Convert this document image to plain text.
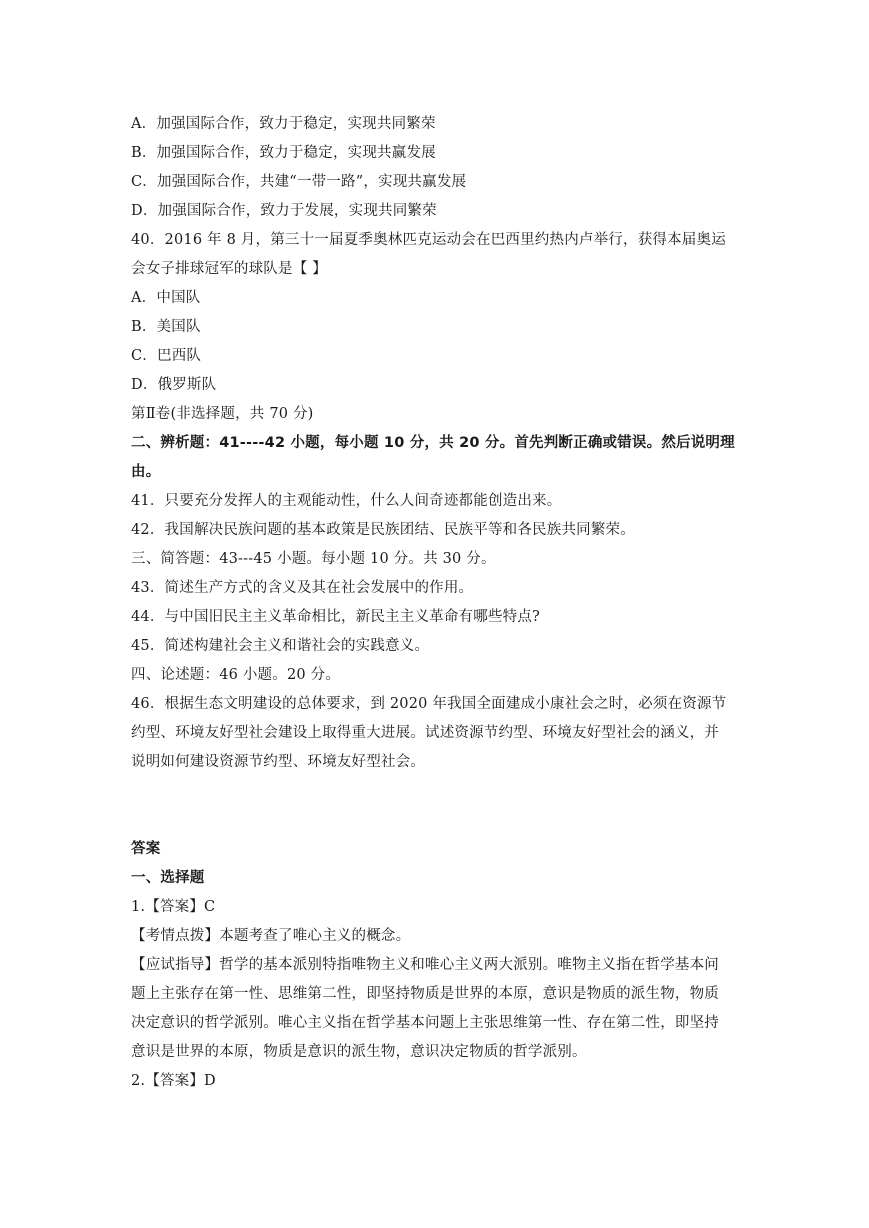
A．加强国际合作，致力于稳定，实现共同繁荣
B．加强国际合作，致力于稳定，实现共赢发展
C．加强国际合作，共建“一带一路”，实现共赢发展
D．加强国际合作，致力于发展，实现共同繁荣
40．2016 年 8 月，第三十一届夏季奥林匹克运动会在巴西里约热内卢举行，获得本届奥运
会女子排球冠军的球队是【 】
A．中国队
B．美国队
C．巴西队
D．俄罗斯队
第Ⅱ卷(非选择题，共 70 分)
二、辨析题：41----42 小题，每小题 10 分，共 20 分。首先判断正确或错误。然后说明理
由。
41．只要充分发挥人的主观能动性，什么人间奇迹都能创造出来。
42．我国解决民族问题的基本政策是民族团结、民族平等和各民族共同繁荣。
三、简答题：43---45 小题。每小题 10 分。共 30 分。
43．简述生产方式的含义及其在社会发展中的作用。
44．与中国旧民主主义革命相比，新民主主义革命有哪些特点?
45．简述构建社会主义和谐社会的实践意义。
四、论述题：46 小题。20 分。
46．根据生态文明建设的总体要求，到 2020 年我国全面建成小康社会之时，必须在资源节
约型、环境友好型社会建设上取得重大进展。试述资源节约型、环境友好型社会的涵义，并
说明如何建设资源节约型、环境友好型社会。
答案
一、选择题
1.【答案】C
【考情点拨】本题考查了唯心主义的概念。
【应试指导】哲学的基本派别特指唯物主义和唯心主义两大派别。唯物主义指在哲学基本问
题上主张存在第一性、思维第二性，即坚持物质是世界的本原，意识是物质的派生物，物质
决定意识的哲学派别。唯心主义指在哲学基本问题上主张思维第一性、存在第二性，即坚持
意识是世界的本原，物质是意识的派生物，意识决定物质的哲学派别。
2.【答案】D
